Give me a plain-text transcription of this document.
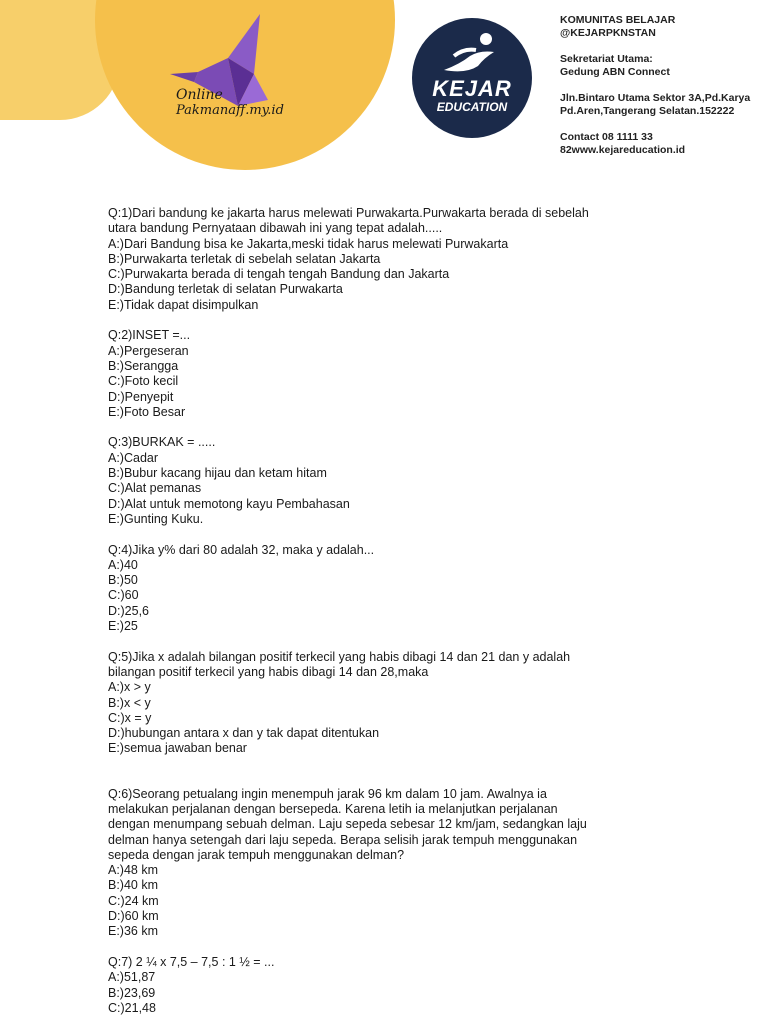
Online
Pakmanaff.my.id
KEJAR
EDUCATION

KOMUNITAS BELAJAR
@KEJARPKNSTAN

Sekretariat Utama:
Gedung ABN Connect

Jln.Bintaro Utama Sektor 3A,Pd.Karya
Pd.Aren,Tangerang Selatan.152222

Contact 08 1111 33
82www.kejareducation.id

Q:1)Dari bandung ke jakarta harus melewati Purwakarta.Purwakarta berada di sebelah
utara bandung Pernyataan dibawah ini yang tepat adalah.....
A:)Dari Bandung bisa ke Jakarta,meski tidak harus melewati Purwakarta
B:)Purwakarta terletak di sebelah selatan Jakarta
C:)Purwakarta berada di tengah tengah Bandung dan Jakarta
D:)Bandung terletak di selatan Purwakarta
E:)Tidak dapat disimpulkan
Q:2)INSET =...
A:)Pergeseran
B:)Serangga
C:)Foto kecil
D:)Penyepit
E:)Foto Besar
Q:3)BURKAK = .....
A:)Cadar
B:)Bubur kacang hijau dan ketam hitam
C:)Alat pemanas
D:)Alat untuk memotong kayu Pembahasan
E:)Gunting Kuku.
Q:4)Jika y% dari 80 adalah 32, maka y adalah...
A:)40
B:)50
C:)60
D:)25,6
E:)25
Q:5)Jika x adalah bilangan positif terkecil yang habis dibagi 14 dan 21 dan y adalah
bilangan positif terkecil yang habis dibagi 14 dan 28,maka
A:)x > y
B:)x < y
C:)x = y
D:)hubungan antara x dan y tak dapat ditentukan
E:)semua jawaban benar
Q:6)Seorang petualang ingin menempuh jarak 96 km dalam 10 jam. Awalnya ia
melakukan perjalanan dengan bersepeda. Karena letih ia melanjutkan perjalanan
dengan menumpang sebuah delman. Laju sepeda sebesar 12 km/jam, sedangkan laju
delman hanya setengah dari laju sepeda. Berapa selisih jarak tempuh menggunakan
sepeda dengan jarak tempuh menggunakan delman?
A:)48 km
B:)40 km
C:)24 km
D:)60 km
E:)36 km
Q:7) 2 ¼ x 7,5 – 7,5 : 1 ½ = ...
A:)51,87
B:)23,69
C:)21,48
